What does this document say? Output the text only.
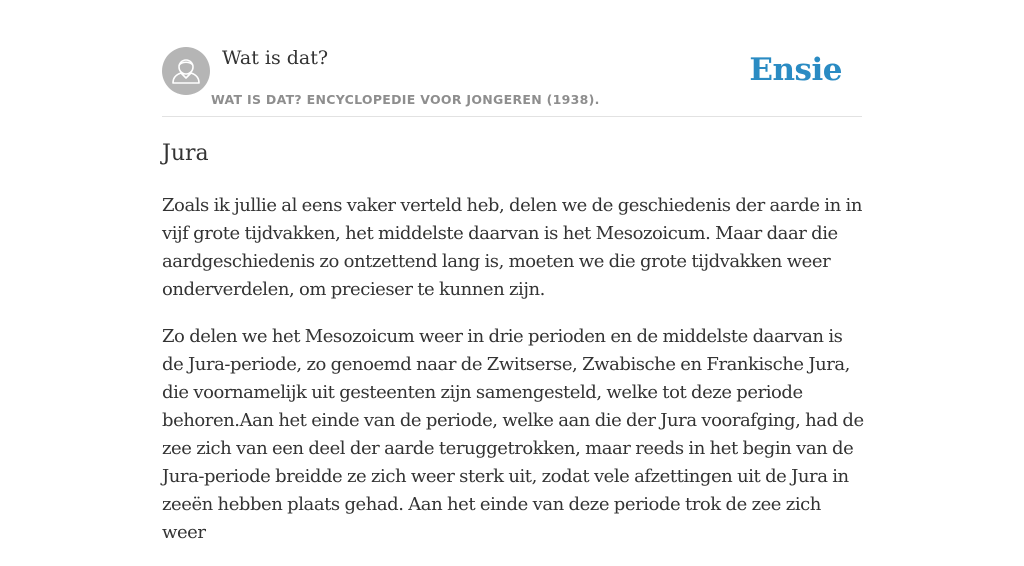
Wat is dat?
WAT IS DAT? ENCYCLOPEDIE VOOR JONGEREN (1938).
Ensie
Jura

Zoals ik jullie al eens vaker verteld heb, delen we de geschiedenis der aarde in in vijf grote tijdvakken, het middelste daarvan is het Mesozoicum. Maar daar die aardgeschiedenis zo ontzettend lang is, moeten we die grote tijdvakken weer onderverdelen, om precieser te kunnen zijn.

Zo delen we het Mesozoicum weer in drie perioden en de middelste daarvan is de Jura-periode, zo genoemd naar de Zwitserse, Zwabische en Frankische Jura, die voornamelijk uit gesteenten zijn samengesteld, welke tot deze periode behoren.Aan het einde van de periode, welke aan die der Jura voorafging, had de zee zich van een deel der aarde teruggetrokken, maar reeds in het begin van de Jura-periode breidde ze zich weer sterk uit, zodat vele afzettingen uit de Jura in zeeën hebben plaats gehad. Aan het einde van deze periode trok de zee zich weer
